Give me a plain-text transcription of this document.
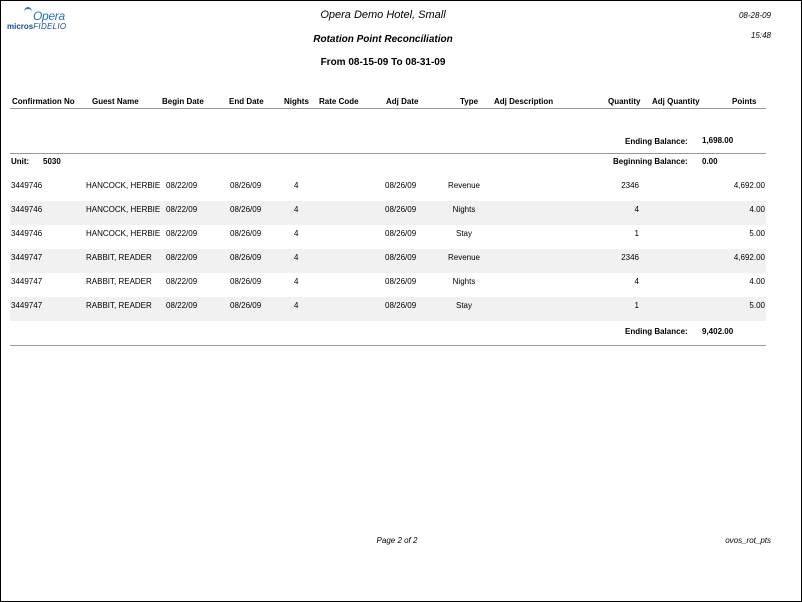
Opera
microsFIDELIO
Opera Demo Hotel, Small
Rotation Point Reconciliation
From 08-15-09 To 08-31-09
08-28-09
15:48
Confirmation No Guest Name	Begin Date	End Date	Nights Rate Code	Adj Date	Type Adj Description	Quantity Adj Quantity	Points
Ending Balance: 1,698.00
Unit: 5030	Beginning Balance: 0.00
3449746	HANCOCK, HERBIE 08/22/09	08/26/09	4	08/26/09	Revenue	2346	4,692.00
3449746	HANCOCK, HERBIE 08/22/09	08/26/09	4	08/26/09	Nights	4	4.00
3449746	HANCOCK, HERBIE 08/22/09	08/26/09	4	08/26/09	Stay	1	5.00
3449747	RABBIT, READER 08/22/09	08/26/09	4	08/26/09	Revenue	2346	4,692.00
3449747	RABBIT, READER 08/22/09	08/26/09	4	08/26/09	Nights	4	4.00
3449747	RABBIT, READER 08/22/09	08/26/09	4	08/26/09	Stay	1	5.00
Ending Balance: 9,402.00
Page 2 of 2	ovos_rot_pts
